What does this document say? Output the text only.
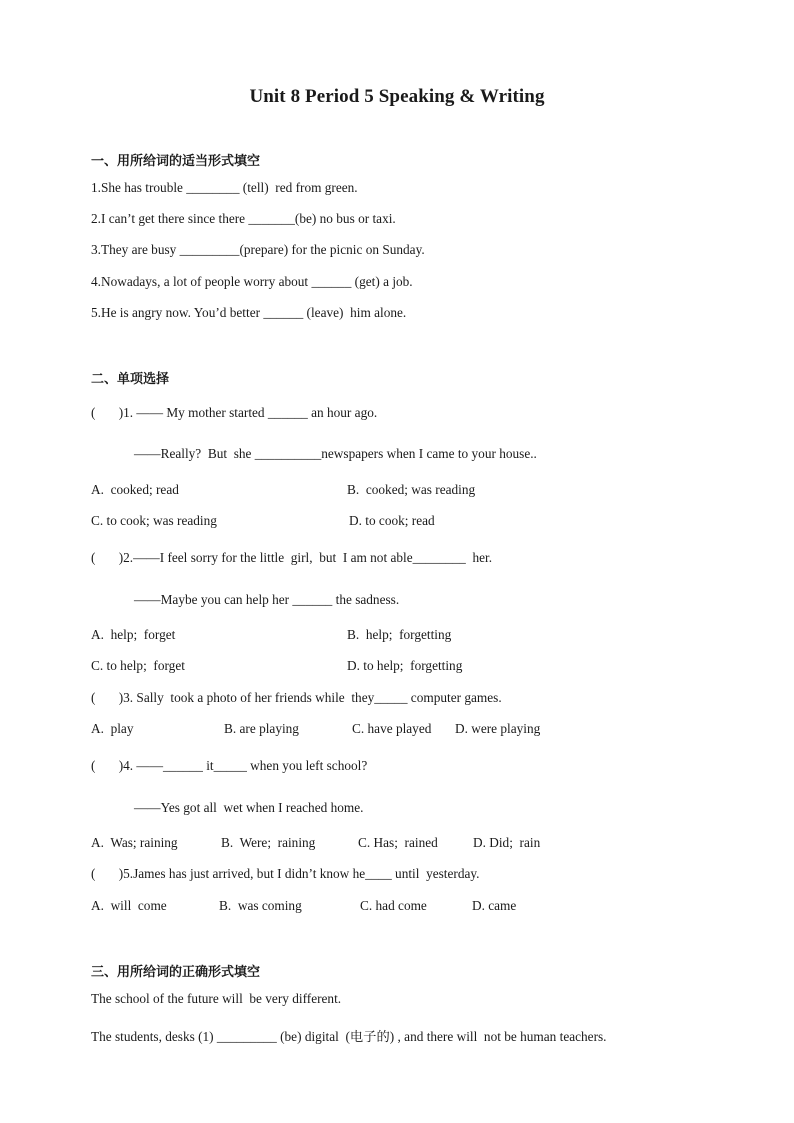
Unit 8 Period 5 Speaking & Writing
一、用所给词的适当形式填空
1.She has trouble ________ (tell)  red from green.
2.I can’t get there since there _______(be) no bus or taxi.
3.They are busy _________(prepare) for the picnic on Sunday.
4.Nowadays, a lot of people worry about ______ (get) a job.
5.He is angry now. You’d better ______ (leave)  him alone.
二、单项选择
(       )1. —— My mother started ______ an hour ago.
——Really?  But  she __________newspapers when I came to your house..
A.  cooked; read	B.  cooked; was reading
C. to cook; was reading	D. to cook; read
(       )2.——I feel sorry for the little  girl,  but  I am not able________  her.
——Maybe you can help her ______ the sadness.
A.  help;  forget	B.  help;  forgetting
C. to help;  forget	D. to help;  forgetting
(       )3. Sally  took a photo of her friends while  they_____ computer games.
A.  play	B. are playing	C. have played D. were playing
(       )4. ——______ it_____ when you left school?
——Yes got all  wet when I reached home.
A.  Was; raining	B.  Were;  raining	C. Has;  rained	D. Did;  rain
(       )5.James has just arrived, but I didn’t know he____ until  yesterday.
A.  will  come	B.  was coming	C. had come	D. came
三、用所给词的正确形式填空
The school of the future will  be very different.
The students, desks (1) _________ (be) digital  (电子的) , and there will  not be human teachers.
